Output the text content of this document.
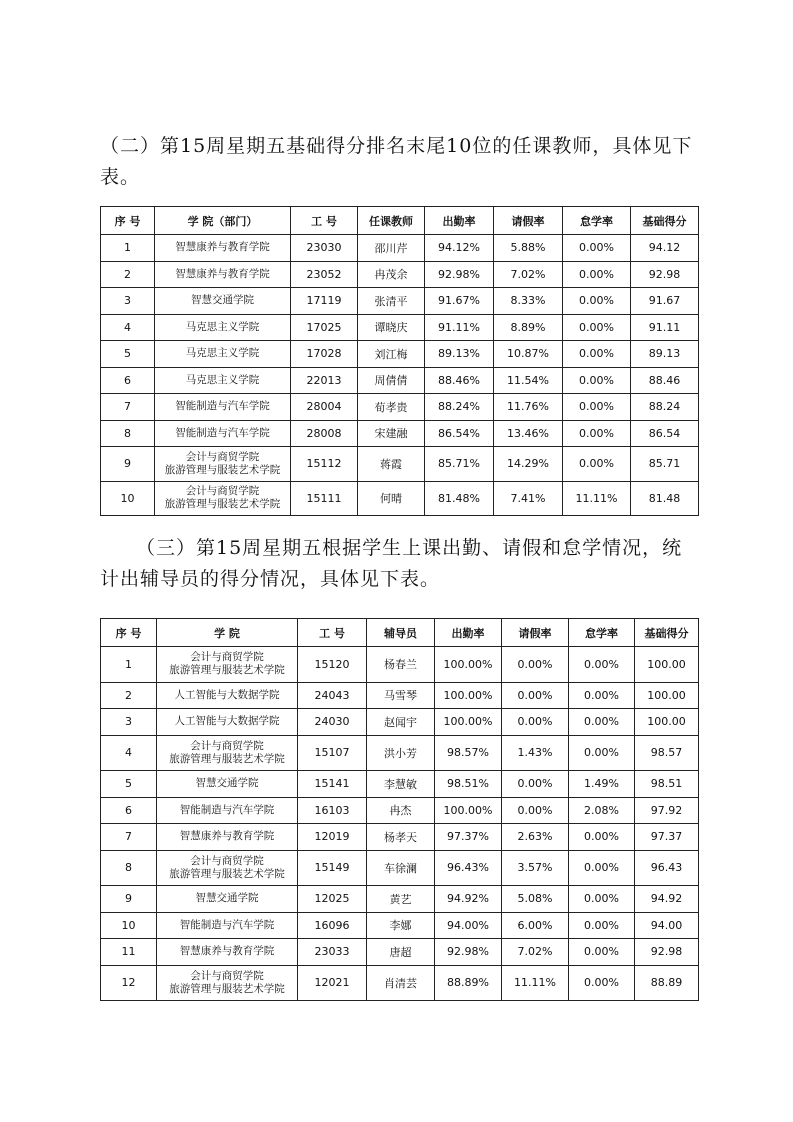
（二）第15周星期五基础得分排名末尾10位的任课教师，具体见下表。

序 号	学 院（部门）	工 号	任课教师	出勤率	请假率	怠学率	基础得分
1	智慧康养与教育学院	23030	邵川芹	94.12%	5.88%	0.00%	94.12
2	智慧康养与教育学院	23052	冉茂余	92.98%	7.02%	0.00%	92.98
3	智慧交通学院	17119	张清平	91.67%	8.33%	0.00%	91.67
4	马克思主义学院	17025	谭晓庆	91.11%	8.89%	0.00%	91.11
5	马克思主义学院	17028	刘江梅	89.13%	10.87%	0.00%	89.13
6	马克思主义学院	22013	周倩倩	88.46%	11.54%	0.00%	88.46
7	智能制造与汽车学院	28004	荀孝贵	88.24%	11.76%	0.00%	88.24
8	智能制造与汽车学院	28008	宋建融	86.54%	13.46%	0.00%	86.54
9	会计与商贸学院
旅游管理与服装艺术学院	15112	蒋霞	85.71%	14.29%	0.00%	85.71
10	会计与商贸学院
旅游管理与服装艺术学院	15111	何晴	81.48%	7.41%	11.11%	81.48

（三）第15周星期五根据学生上课出勤、请假和怠学情况，统计出辅导员的得分情况，具体见下表。

序 号	学 院	工 号	辅导员	出勤率	请假率	怠学率	基础得分
1	会计与商贸学院
旅游管理与服装艺术学院	15120	杨春兰	100.00%	0.00%	0.00%	100.00
2	人工智能与大数据学院	24043	马雪琴	100.00%	0.00%	0.00%	100.00
3	人工智能与大数据学院	24030	赵闻宇	100.00%	0.00%	0.00%	100.00
4	会计与商贸学院
旅游管理与服装艺术学院	15107	洪小芳	98.57%	1.43%	0.00%	98.57
5	智慧交通学院	15141	李慧敏	98.51%	0.00%	1.49%	98.51
6	智能制造与汽车学院	16103	冉杰	100.00%	0.00%	2.08%	97.92
7	智慧康养与教育学院	12019	杨孝天	97.37%	2.63%	0.00%	97.37
8	会计与商贸学院
旅游管理与服装艺术学院	15149	车徐澜	96.43%	3.57%	0.00%	96.43
9	智慧交通学院	12025	黄艺	94.92%	5.08%	0.00%	94.92
10	智能制造与汽车学院	16096	李娜	94.00%	6.00%	0.00%	94.00
11	智慧康养与教育学院	23033	唐超	92.98%	7.02%	0.00%	92.98
12	会计与商贸学院
旅游管理与服装艺术学院	12021	肖清芸	88.89%	11.11%	0.00%	88.89
